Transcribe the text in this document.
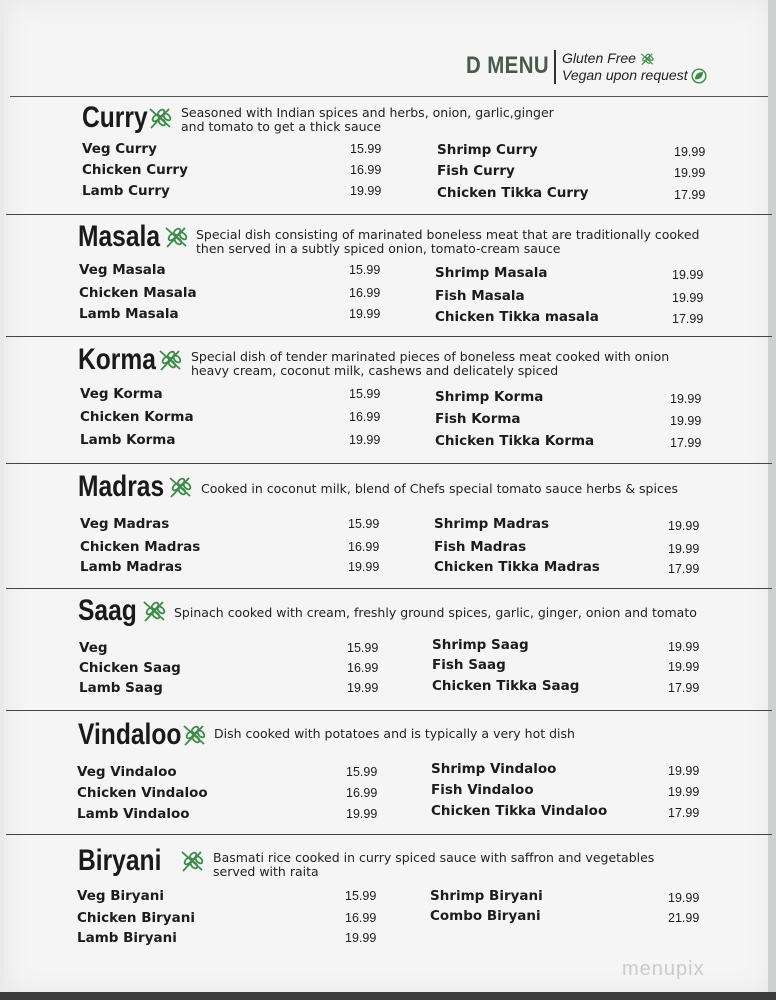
D MENU Gluten Free
Vegan upon request
Curry	Seasoned with Indian spices and herbs, onion, garlic,ginger
and tomato to get a thick sauce
Veg Curry	15.99
Chicken Curry	16.99
Lamb Curry	19.99
Shrimp Curry	19.99
Fish Curry	19.99
Chicken Tikka Curry	17.99
Masala	Special dish consisting of marinated boneless meat that are traditionally cooked
then served in a subtly spiced onion, tomato-cream sauce
Veg Masala	15.99
Chicken Masala	16.99
Lamb Masala	19.99
Shrimp Masala	19.99
Fish Masala	19.99
Chicken Tikka masala	17.99
Korma	Special dish of tender marinated pieces of boneless meat cooked with onion
heavy cream, coconut milk, cashews and delicately spiced
Veg Korma	15.99
Chicken Korma	16.99
Lamb Korma	19.99
Shrimp Korma	19.99
Fish Korma	19.99
Chicken Tikka Korma	17.99
Madras	Cooked in coconut milk, blend of Chefs special tomato sauce herbs & spices
Veg Madras	15.99
Chicken Madras	16.99
Lamb Madras	19.99
Shrimp Madras	19.99
Fish Madras	19.99
Chicken Tikka Madras	17.99
Saag	Spinach cooked with cream, freshly ground spices, garlic, ginger, onion and tomato
Veg	15.99
Chicken Saag	16.99
Lamb Saag	19.99
Shrimp Saag	19.99
Fish Saag	19.99
Chicken Tikka Saag	17.99
Vindaloo	Dish cooked with potatoes and is typically a very hot dish
Veg Vindaloo	15.99
Chicken Vindaloo	16.99
Lamb Vindaloo	19.99
Shrimp Vindaloo	19.99
Fish Vindaloo	19.99
Chicken Tikka Vindaloo	17.99
Biryani	Basmati rice cooked in curry spiced sauce with saffron and vegetables
served with raita
Veg Biryani	15.99
Chicken Biryani	16.99
Lamb Biryani	19.99
Shrimp Biryani	19.99
Combo Biryani	21.99
menupix
